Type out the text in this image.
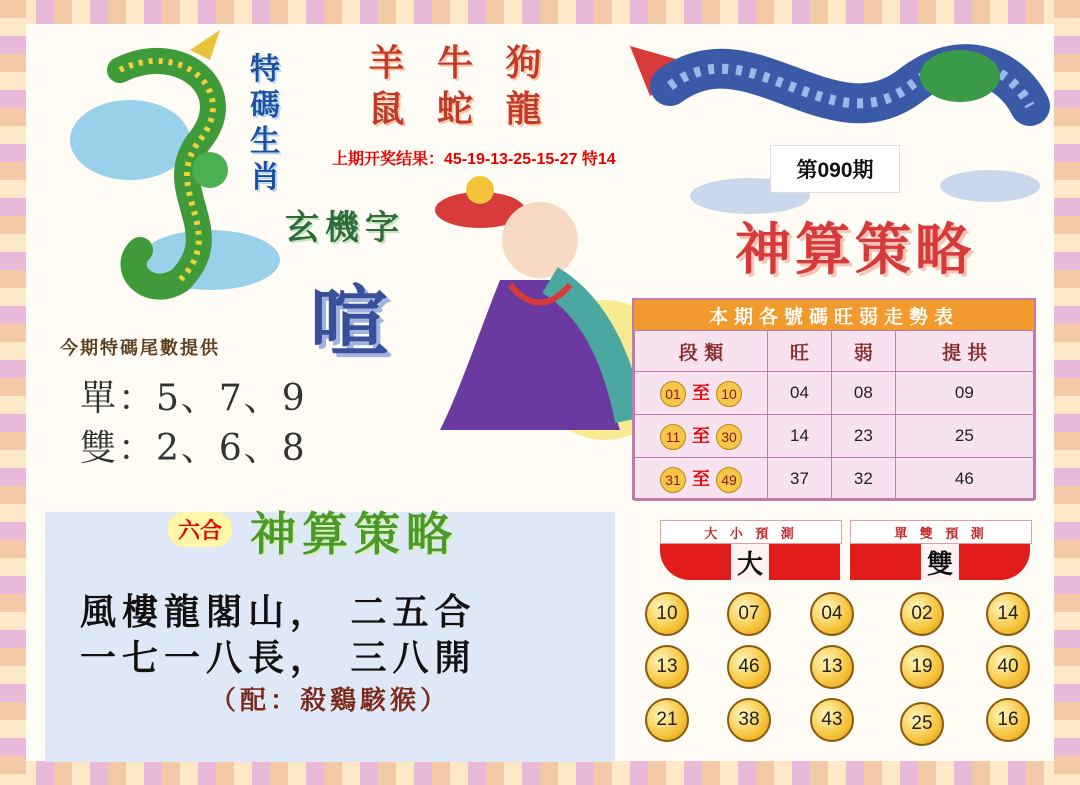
特碼生肖
羊 牛 狗
鼠 蛇 龍
上期开奖结果：45-19-13-25-15-27 特14	第090期
神算策略
玄機字
喧
今期特碼尾數提供
單：5、7、9
雙：2、6、8
本期各號碼旺弱走勢表
段 類	旺	弱	提 拱
01 至 10	04	08	09
11 至 30	14	23	25
31 至 49	37	32	46
大 小 預 測	單 雙 預 測
大	雙
10	07	04	02	14
13	46	13	19	40
21	38	43	25	16
六合 神算策略
風樓龍閣山， 二五合
一七一八長， 三八開
（配：殺鷄駭猴）
